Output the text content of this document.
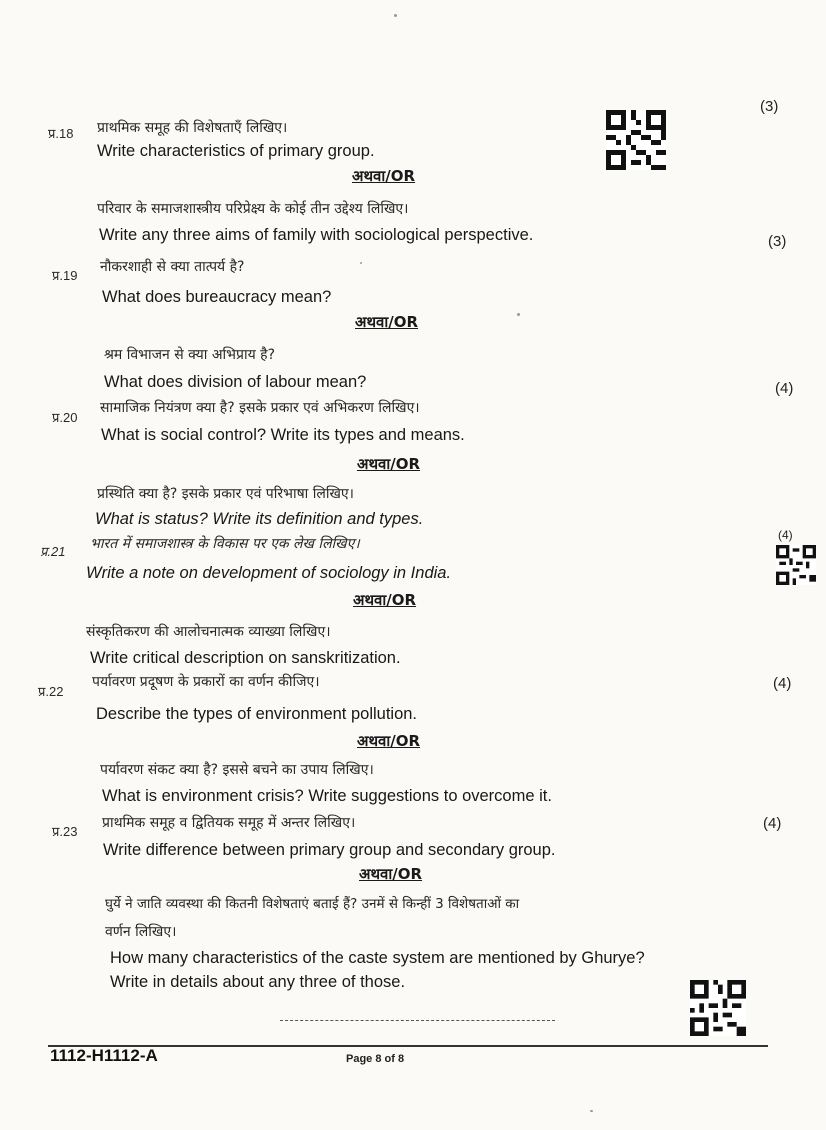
प्र.18 प्राथमिक समूह की विशेषताएँ लिखिए।
Write characteristics of primary group.
(3)
अथवा/OR
परिवार के समाजशास्त्रीय परिप्रेक्ष्य के कोई तीन उद्देश्य लिखिए।
Write any three aims of family with sociological perspective.	(3)
प्र.19
नौकरशाही से क्या तात्पर्य है?
What does bureaucracy mean?
अथवा/OR
श्रम विभाजन से क्या अभिप्राय है?
What does division of labour mean?	(4)
प्र.20
सामाजिक नियंत्रण क्या है? इसके प्रकार एवं अभिकरण लिखिए।
What is social control? Write its types and means.
अथवा/OR
प्रस्थिति क्या है? इसके प्रकार एवं परिभाषा लिखिए।
What is status? Write its definition and types.
प्र.21 भारत में समाजशास्त्र के विकास पर एक लेख लिखिए।
Write a note on development of sociology in India.
(4)
अथवा/OR
संस्कृतिकरण की आलोचनात्मक व्याख्या लिखिए।
Write critical description on sanskritization.
प्र.22
पर्यावरण प्रदूषण के प्रकारों का वर्णन कीजिए।	(4)
Describe the types of environment pollution.
अथवा/OR
पर्यावरण संकट क्या है? इससे बचने का उपाय लिखिए।
What is environment crisis? Write suggestions to overcome it.
प्र.23
प्राथमिक समूह व द्वितियक समूह में अन्तर लिखिए।	(4)
Write difference between primary group and secondary group.
अथवा/OR
घुर्ये ने जाति व्यवस्था की कितनी विशेषताएं बताई हैं? उनमें से किन्हीं 3 विशेषताओं का
वर्णन लिखिए।
How many characteristics of the caste system are mentioned by Ghurye?
Write in details about any three of those.
1112-H1112-A	Page 8 of 8
